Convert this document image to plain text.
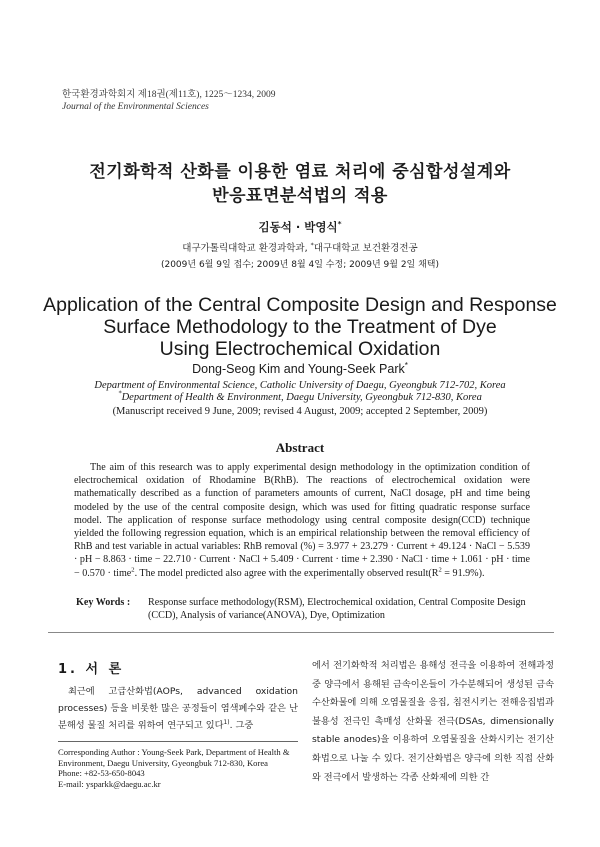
한국환경과학회지 제18권(제11호), 1225～1234, 2009
Journal of the Environmental Sciences
전기화학적 산화를 이용한 염료 처리에 중심합성설계와
반응표면분석법의 적용
김동석 · 박영식*
대구가톨릭대학교 환경과학과, *대구대학교 보건환경전공
(2009년 6월 9일 접수; 2009년 8월 4일 수정; 2009년 9월 2일 채택)
Application of the Central Composite Design and Response
Surface Methodology to the Treatment of Dye
Using Electrochemical Oxidation
Dong-Seog Kim and Young-Seek Park*
Department of Environmental Science, Catholic University of Daegu, Gyeongbuk 712-702, Korea
*Department of Health & Environment, Daegu University, Gyeongbuk 712-830, Korea
(Manuscript received 9 June, 2009; revised 4 August, 2009; accepted 2 September, 2009)
Abstract

The aim of this research was to apply experimental design methodology in the optimization condition of electrochemical oxidation of Rhodamine B(RhB). The reactions of electrochemical oxidation were mathematically described as a function of parameters amounts of current, NaCl dosage, pH and time being modeled by the use of the central composite design, which was used for fitting quadratic response surface model. The application of response surface methodology using central composite design(CCD) technique yielded the following regression equation, which is an empirical relationship between the removal efficiency of RhB and test variable in actual variables: RhB removal (%) = 3.977 + 23.279 · Current + 49.124 · NaCl − 5.539 · pH − 8.863 · time − 22.710 · Current · NaCl + 5.409 · Current · time + 2.390 · NaCl · time + 1.061 · pH · time − 0.570 · time$^2$. The model predicted also agree with the experimentally observed $result(R^2 = 91.9\%)$.

Key Words : Response surface methodology(RSM), Electrochemical oxidation, Central Composite Design (CCD), Analysis of variance(ANOVA), Dye, Optimization
1. 서 론

최근에 고급산화법(AOPs, advanced oxidation processes) 등을 비롯한 많은 공정들이 염색폐수와 같은 난분해성 물질 처리를 위하여 연구되고 있다$^{1)}$. 그중

에서 전기화학적 처리법은 용해성 전극을 이용하여 전해과정 중 양극에서 용해된 금속이온들이 가수분해되어 생성된 금속 수산화물에 의해 오염물질을 응집, 침전시키는 전해응집법과 불용성 전극인 촉매성 산화물 전극(DSAs, dimensionally stable anodes)을 이용하여 오염물질을 산화시키는 전기산화법으로 나눌 수 있다. 전기산화법은 양극에 의한 직접 산화와 전극에서 발생하는 각종 산화제에 의한 간

Corresponding Author : Young-Seek Park, Department of Health & Environment, Daegu University, Gyeongbuk 712-830, Korea
Phone: +82-53-650-8043
E-mail: ysparkk@daegu.ac.kr
